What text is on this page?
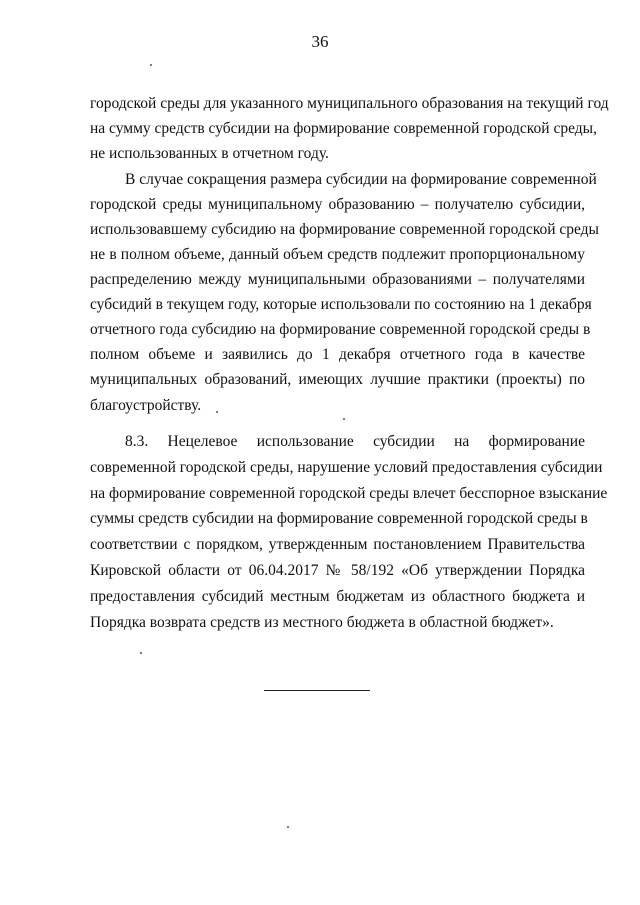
36
городской среды для указанного муниципального образования на текущий год
на сумму средств субсидии на формирование современной городской среды,
не использованных в отчетном году.
В случае сокращения размера субсидии на формирование современной
городской среды муниципальному образованию – получателю субсидии,
использовавшему субсидию на формирование современной городской среды
не в полном объеме, данный объем средств подлежит пропорциональному
распределению между муниципальными образованиями – получателями
субсидий в текущем году, которые использовали по состоянию на 1 декабря
отчетного года субсидию на формирование современной городской среды в
полном объеме и заявились до 1 декабря отчетного года в качестве
муниципальных образований, имеющих лучшие практики (проекты) по
благоустройству.
8.3. Нецелевое использование субсидии на формирование
современной городской среды, нарушение условий предоставления субсидии
на формирование современной городской среды влечет бесспорное взыскание
суммы средств субсидии на формирование современной городской среды в
соответствии с порядком, утвержденным постановлением Правительства
Кировской области от 06.04.2017 № 58/192 «Об утверждении Порядка
предоставления субсидий местным бюджетам из областного бюджета и
Порядка возврата средств из местного бюджета в областной бюджет».
